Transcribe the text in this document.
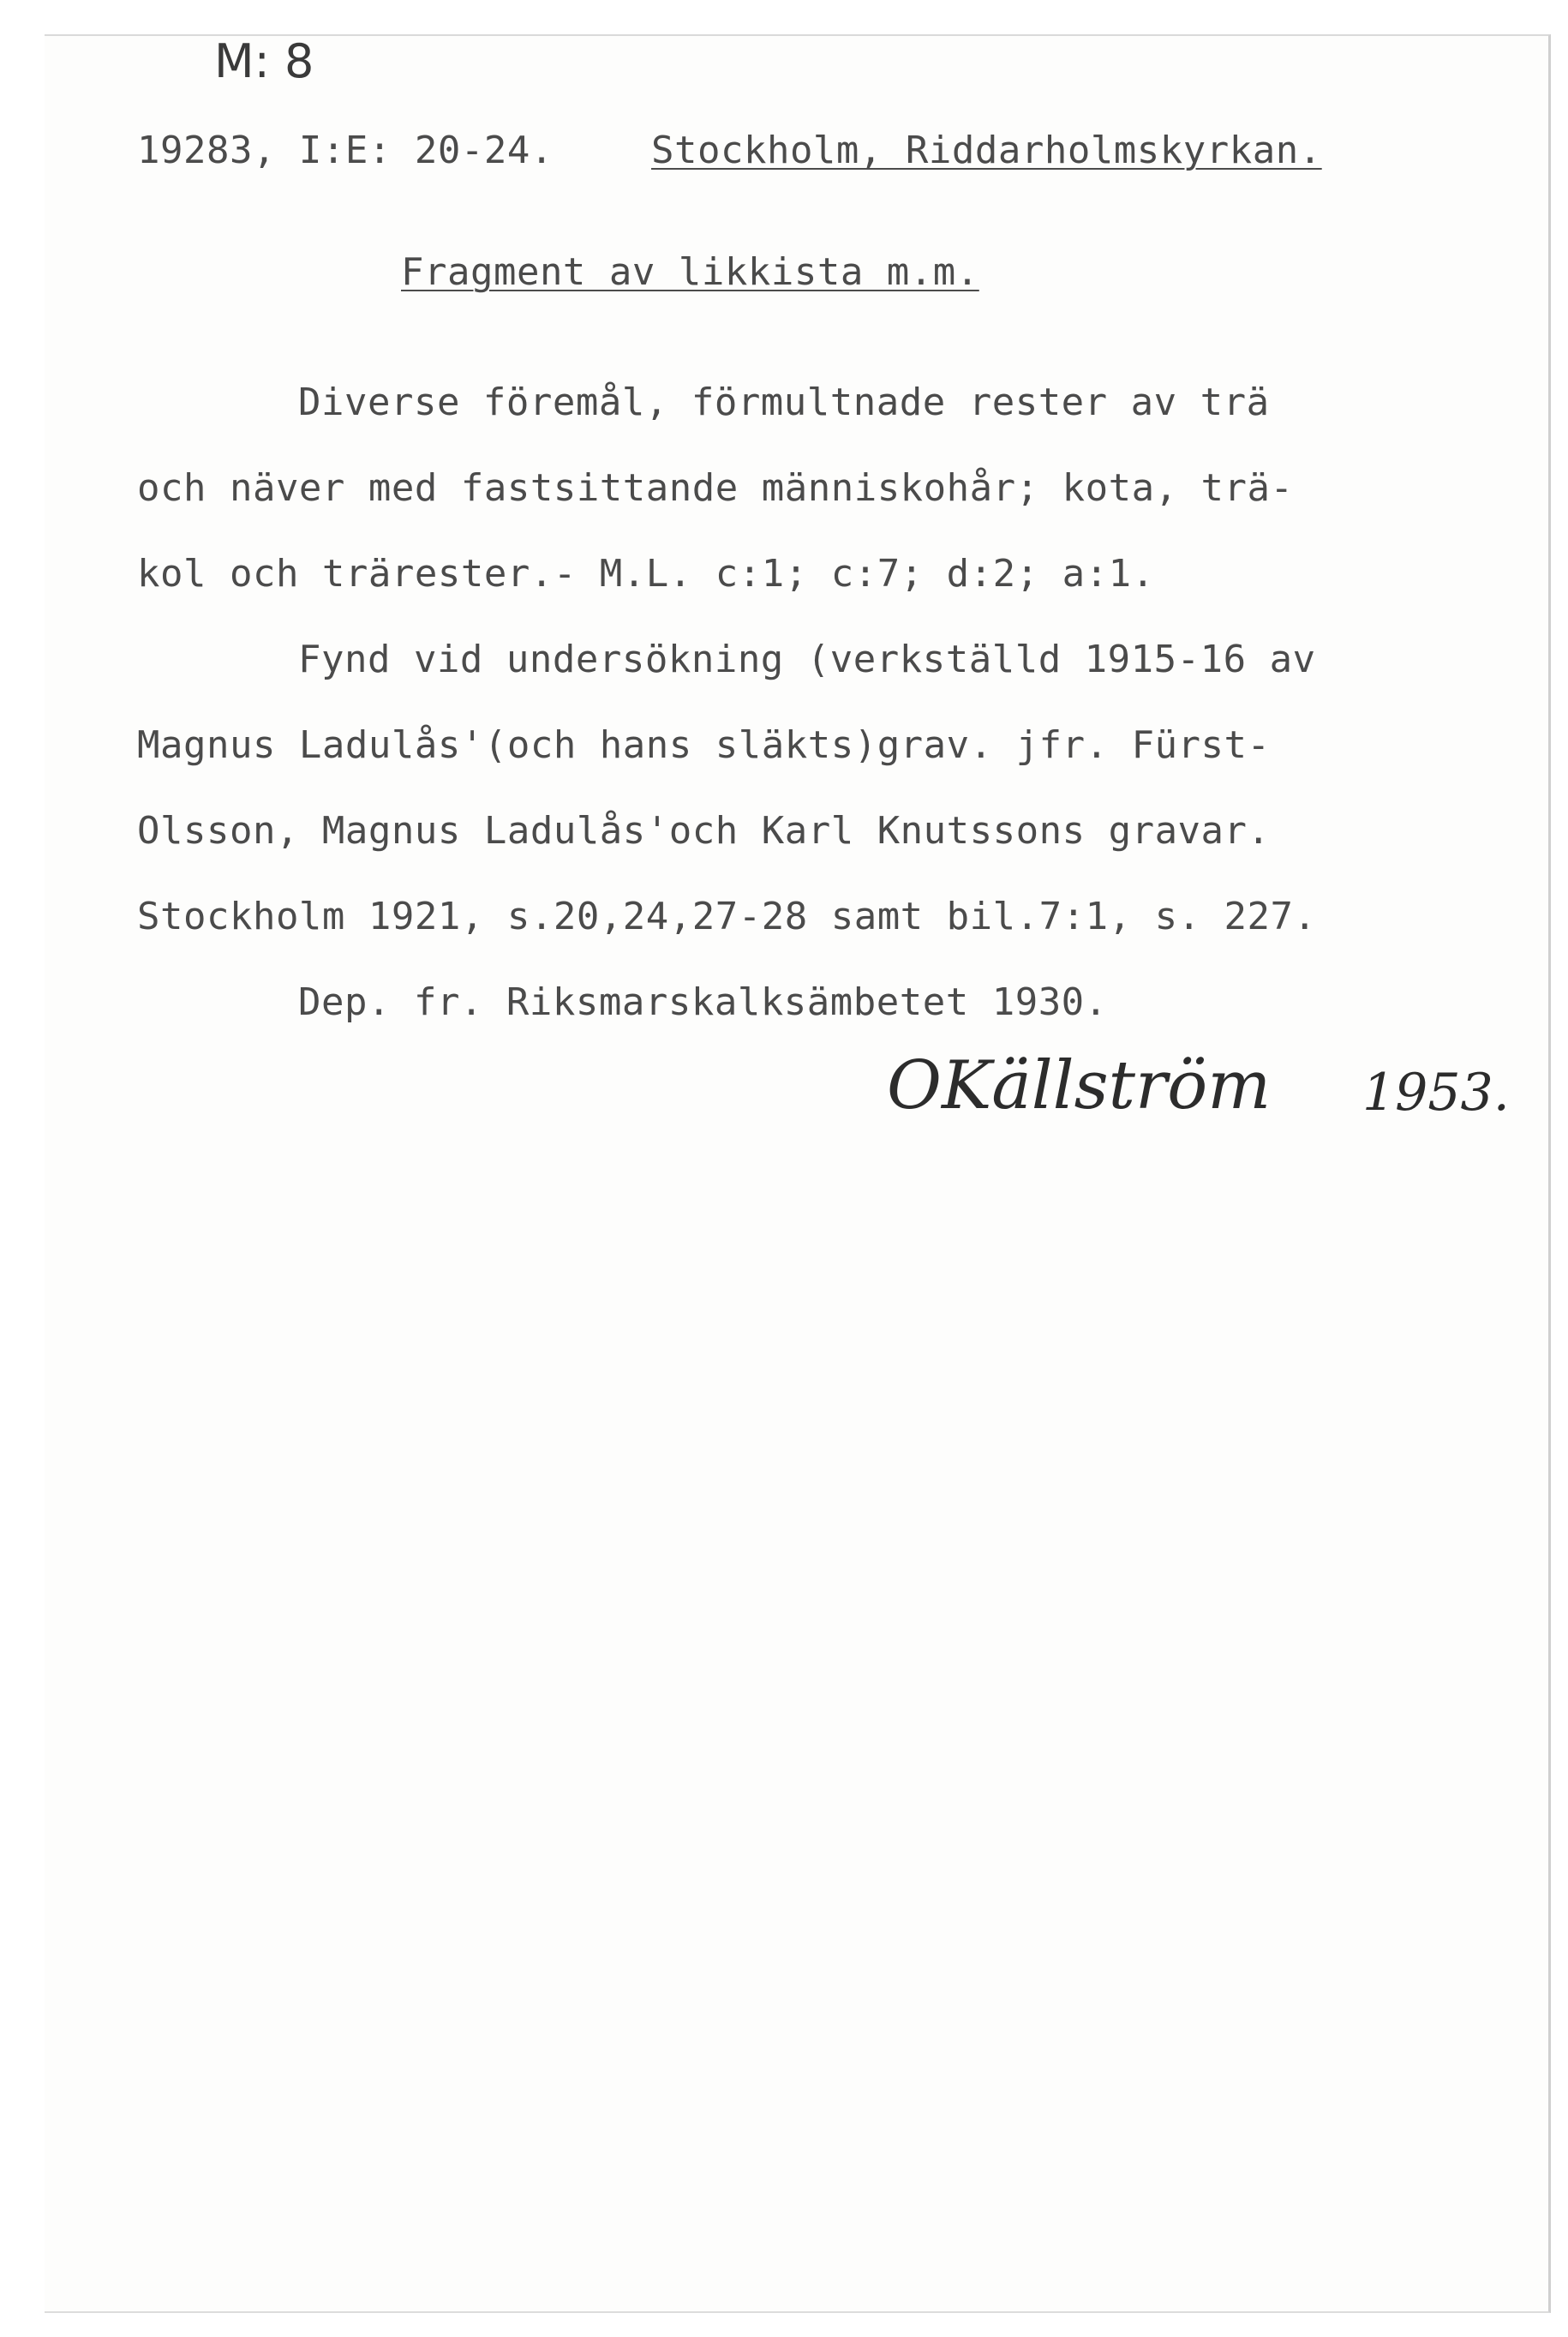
M: 8
19283, I:E: 20-24.	Stockholm, Riddarholmskyrkan.
Fragment av likkista m.m.
Diverse föremål, förmultnade rester av trä
och näver med fastsittande människohår; kota, trä-
kol och trärester.- M.L. c:1; c:7; d:2; a:1.
Fynd vid undersökning (verkställd 1915-16 av
Magnus Ladulås'(och hans släkts)grav. jfr. Fürst-
Olsson, Magnus Ladulås'och Karl Knutssons gravar.
Stockholm 1921, s.20,24,27-28 samt bil.7:1, s. 227.
Dep. fr. Riksmarskalksämbetet 1930.
OKällström 1953.
